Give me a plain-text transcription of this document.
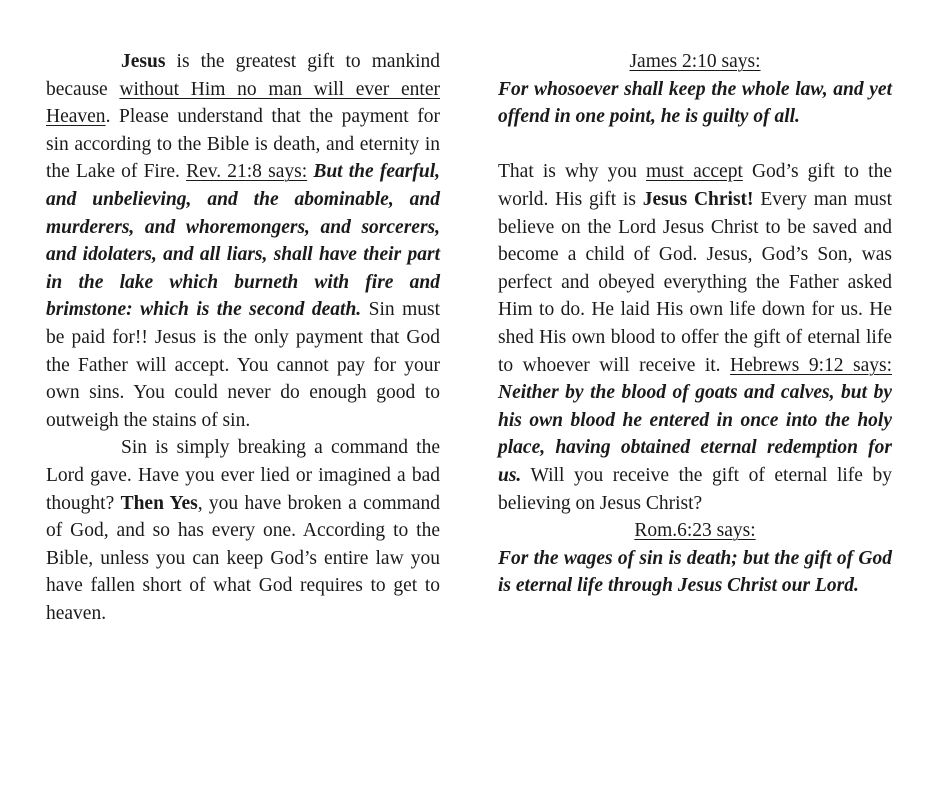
Jesus is the greatest gift to mankind because without Him no man will ever enter Heaven. Please understand that the payment for sin according to the Bible is death, and eternity in the Lake of Fire. Rev. 21:8 says: But the fearful, and unbelieving, and the abominable, and murderers, and whoremongers, and sorcerers, and idolaters, and all liars, shall have their part in the lake which burneth with fire and brimstone: which is the second death. Sin must be paid for!! Jesus is the only payment that God the Father will accept. You cannot pay for your own sins. You could never do enough good to outweigh the stains of sin.

Sin is simply breaking a command the Lord gave. Have you ever lied or imagined a bad thought? Then Yes, you have broken a command of God, and so has every one. According to the Bible, unless you can keep God’s entire law you have fallen short of what God requires to get to heaven.

James 2:10 says:

For whosoever shall keep the whole law, and yet offend in one point, he is guilty of all.

That is why you must accept God’s gift to the world. His gift is Jesus Christ! Every man must believe on the Lord Jesus Christ to be saved and become a child of God. Jesus, God’s Son, was perfect and obeyed everything the Father asked Him to do. He laid His own life down for us. He shed His own blood to offer the gift of eternal life to whoever will receive it. Hebrews 9:12 says: Neither by the blood of goats and calves, but by his own blood he entered in once into the holy place, having obtained eternal redemption for us. Will you receive the gift of eternal life by believing on Jesus Christ?

Rom.6:23 says:

For the wages of sin is death; but the gift of God is eternal life through Jesus Christ our Lord.
